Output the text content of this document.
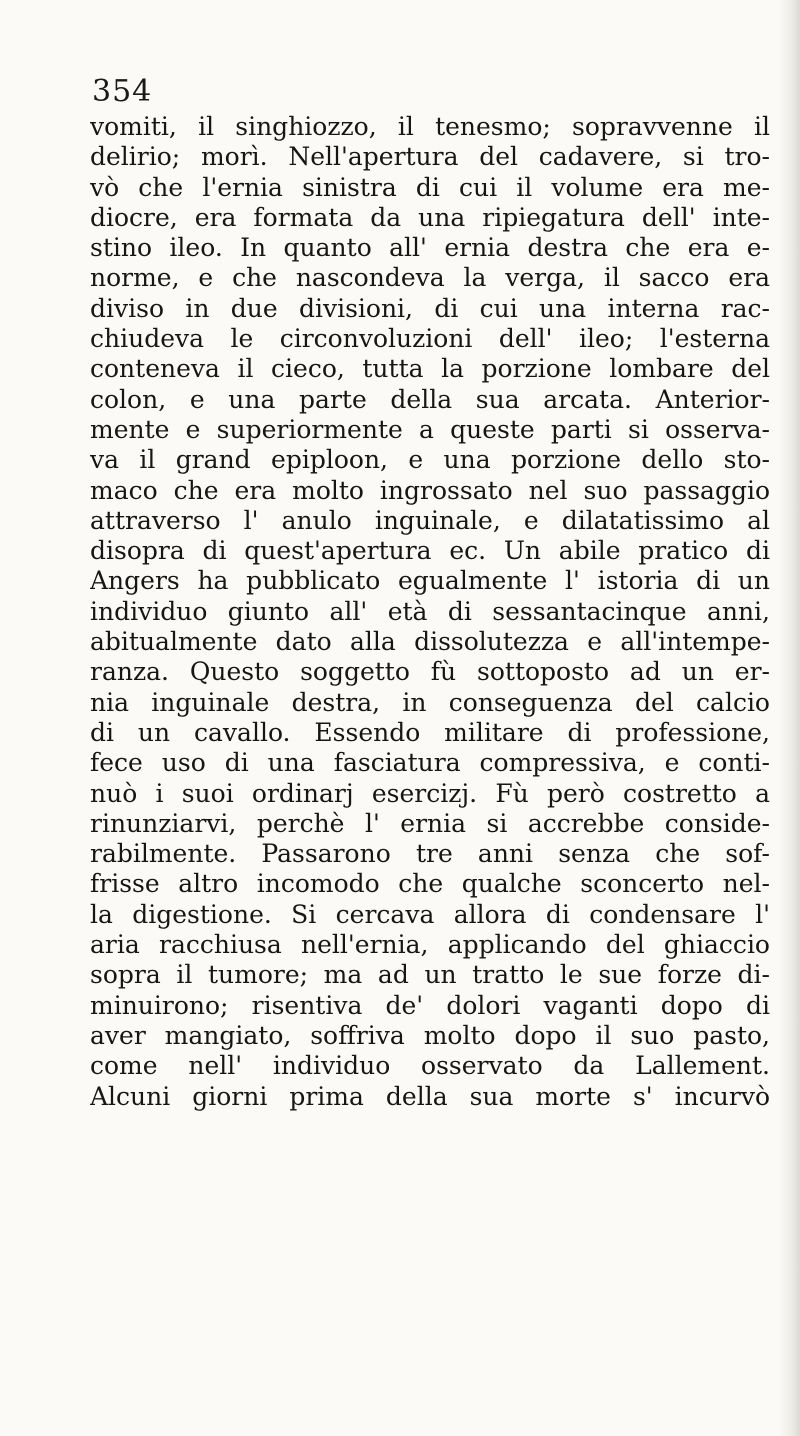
354
vomiti, il singhiozzo, il tenesmo; sopravvenne il
delirio; morì. Nell'apertura del cadavere, si tro-
vò che l'ernia sinistra di cui il volume era me-
diocre, era formata da una ripiegatura dell' inte-
stino ileo. In quanto all' ernia destra che era e-
norme, e che nascondeva la verga, il sacco era
diviso in due divisioni, di cui una interna rac-
chiudeva le circonvoluzioni dell' ileo; l'esterna
conteneva il cieco, tutta la porzione lombare del
colon, e una parte della sua arcata. Anterior-
mente e superiormente a queste parti si osserva-
va il grand epiploon, e una porzione dello sto-
maco che era molto ingrossato nel suo passaggio
attraverso l' anulo inguinale, e dilatatissimo al
disopra di quest'apertura ec. Un abile pratico di
Angers ha pubblicato egualmente l' istoria di un
individuo giunto all' età di sessantacinque anni,
abitualmente dato alla dissolutezza e all'intempe-
ranza. Questo soggetto fù sottoposto ad un er-
nia inguinale destra, in conseguenza del calcio
di un cavallo. Essendo militare di professione,
fece uso di una fasciatura compressiva, e conti-
nuò i suoi ordinarj esercizj. Fù però costretto a
rinunziarvi, perchè l' ernia si accrebbe conside-
rabilmente. Passarono tre anni senza che sof-
frisse altro incomodo che qualche sconcerto nel-
la digestione. Si cercava allora di condensare l'
aria racchiusa nell'ernia, applicando del ghiaccio
sopra il tumore; ma ad un tratto le sue forze di-
minuirono; risentiva de' dolori vaganti dopo di
aver mangiato, soffriva molto dopo il suo pasto,
come nell' individuo osservato da Lallement.
Alcuni giorni prima della sua morte s' incurvò
